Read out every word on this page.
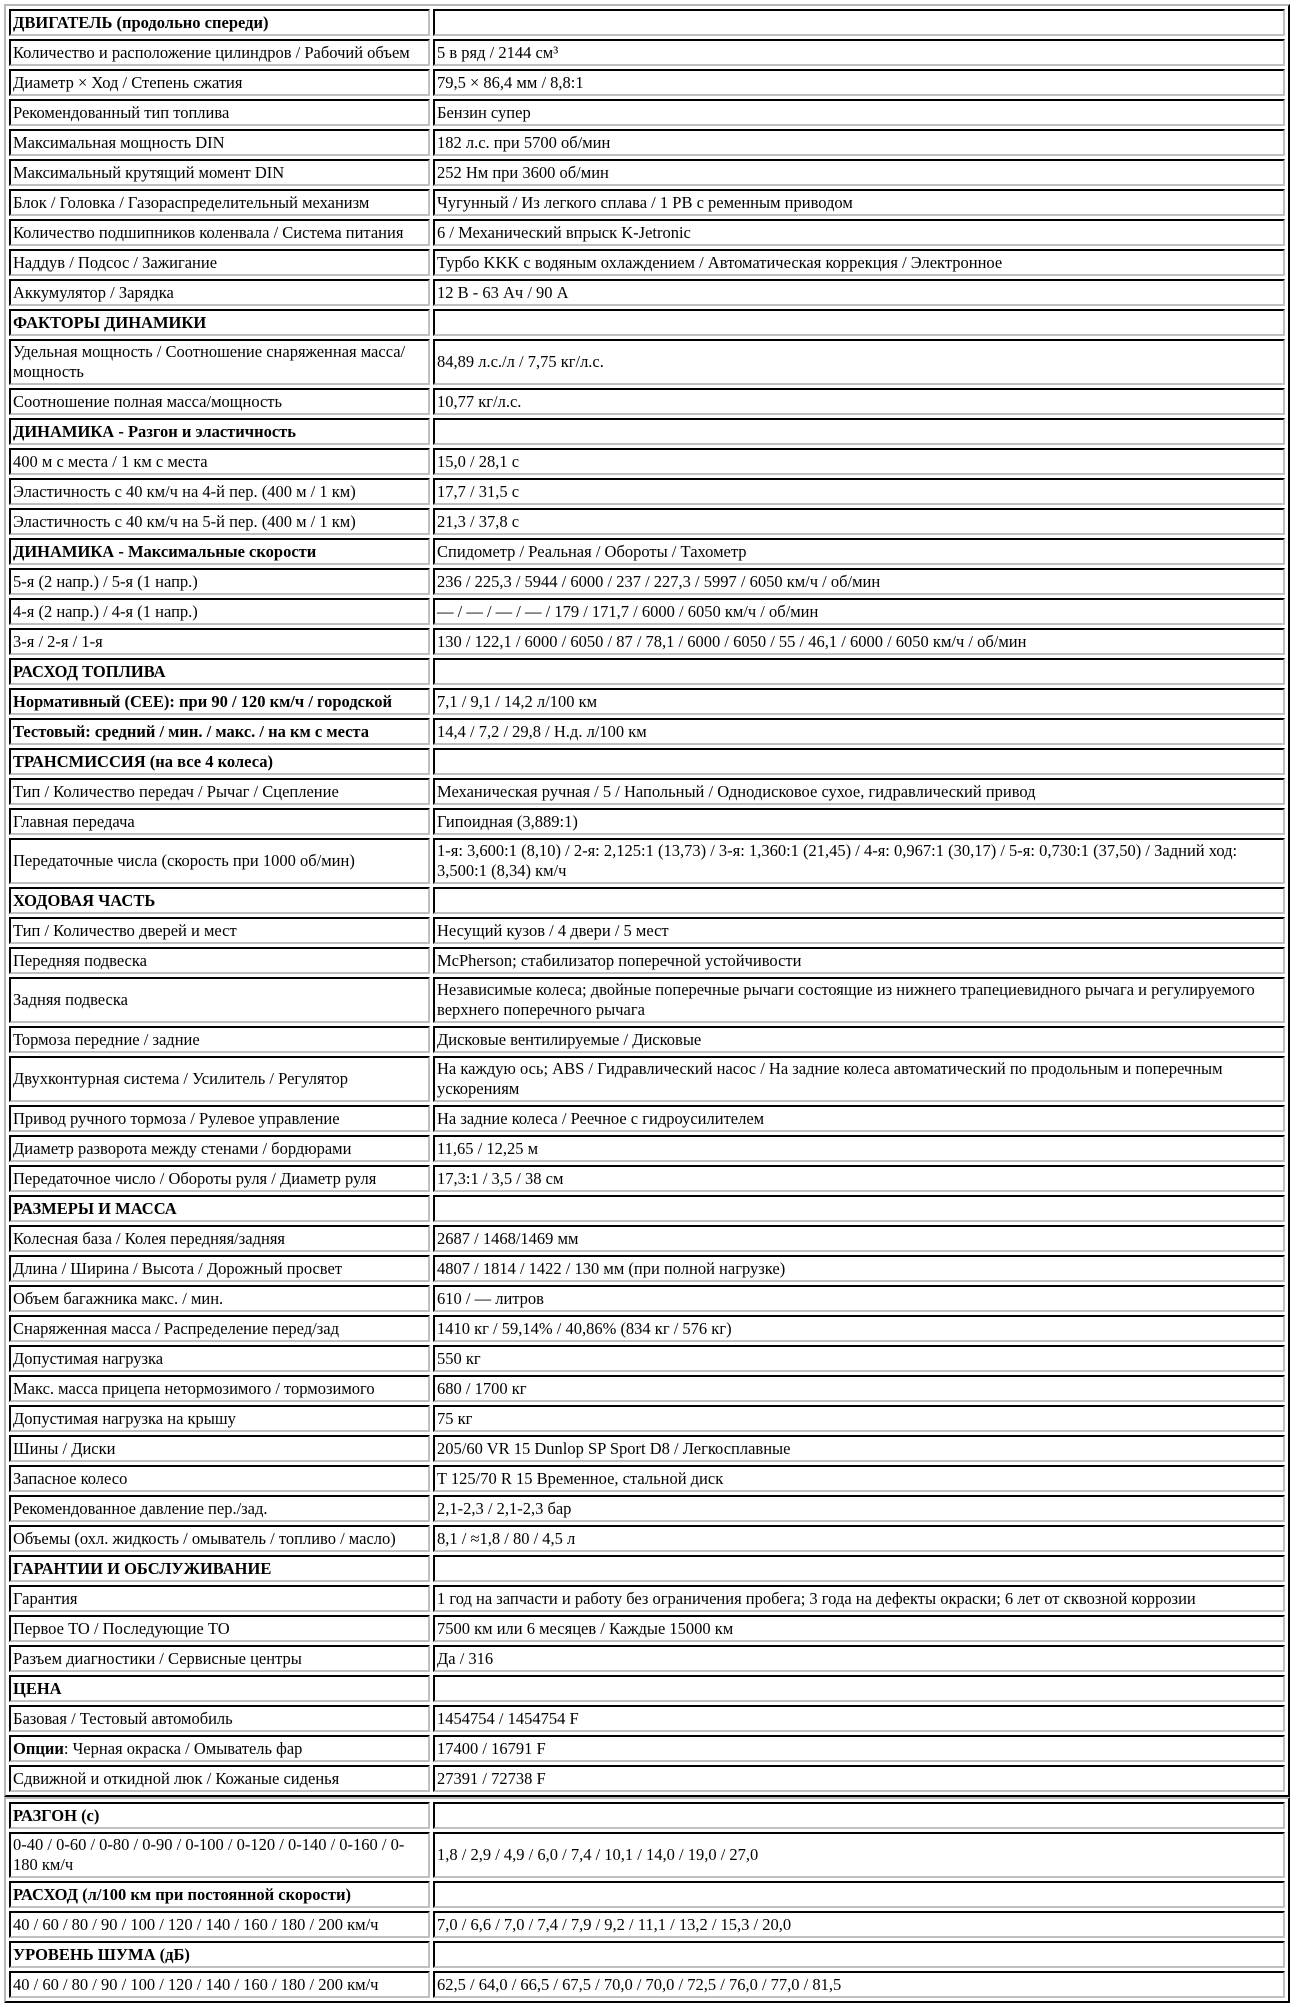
ДВИГАТЕЛЬ (продольно спереди)	
Количество и расположение цилиндров / Рабочий объем	5 в ряд / 2144 см³
Диаметр × Ход / Степень сжатия	79,5 × 86,4 мм / 8,8:1
Рекомендованный тип топлива	Бензин супер
Максимальная мощность DIN	182 л.с. при 5700 об/мин
Максимальный крутящий момент DIN	252 Нм при 3600 об/мин
Блок / Головка / Газораспределительный механизм	Чугунный / Из легкого сплава / 1 РВ с ременным приводом
Количество подшипников коленвала / Система питания	6 / Механический впрыск K-Jetronic
Наддув / Подсос / Зажигание	Турбо KKK с водяным охлаждением / Автоматическая коррекция / Электронное
Аккумулятор / Зарядка	12 В - 63 Ач / 90 А
ФАКТОРЫ ДИНАМИКИ	
Удельная мощность / Соотношение снаряженная масса/мощность	84,89 л.с./л / 7,75 кг/л.с.
Соотношение полная масса/мощность	10,77 кг/л.с.
ДИНАМИКА - Разгон и эластичность	
400 м с места / 1 км с места	15,0 / 28,1 с
Эластичность с 40 км/ч на 4-й пер. (400 м / 1 км)	17,7 / 31,5 с
Эластичность с 40 км/ч на 5-й пер. (400 м / 1 км)	21,3 / 37,8 с
ДИНАМИКА - Максимальные скорости	Спидометр / Реальная / Обороты / Тахометр
5-я (2 напр.) / 5-я (1 напр.)	236 / 225,3 / 5944 / 6000 / 237 / 227,3 / 5997 / 6050 км/ч / об/мин
4-я (2 напр.) / 4-я (1 напр.)	— / — / — / — / 179 / 171,7 / 6000 / 6050 км/ч / об/мин
3-я / 2-я / 1-я	130 / 122,1 / 6000 / 6050 / 87 / 78,1 / 6000 / 6050 / 55 / 46,1 / 6000 / 6050 км/ч / об/мин
РАСХОД ТОПЛИВА	
Нормативный (CEE): при 90 / 120 км/ч / городской	7,1 / 9,1 / 14,2 л/100 км
Тестовый: средний / мин. / макс. / на км с места	14,4 / 7,2 / 29,8 / Н.д. л/100 км
ТРАНСМИССИЯ (на все 4 колеса)	
Тип / Количество передач / Рычаг / Сцепление	Механическая ручная / 5 / Напольный / Однодисковое сухое, гидравлический привод
Главная передача	Гипоидная (3,889:1)
Передаточные числа (скорость при 1000 об/мин)	1-я: 3,600:1 (8,10) / 2-я: 2,125:1 (13,73) / 3-я: 1,360:1 (21,45) / 4-я: 0,967:1 (30,17) / 5-я: 0,730:1 (37,50) / Задний ход: 3,500:1 (8,34) км/ч
ХОДОВАЯ ЧАСТЬ	
Тип / Количество дверей и мест	Несущий кузов / 4 двери / 5 мест
Передняя подвеска	McPherson; стабилизатор поперечной устойчивости
Задняя подвеска	Независимые колеса; двойные поперечные рычаги состоящие из нижнего трапециевидного рычага и регулируемого верхнего поперечного рычага
Тормоза передние / задние	Дисковые вентилируемые / Дисковые
Двухконтурная система / Усилитель / Регулятор	На каждую ось; ABS / Гидравлический насос / На задние колеса автоматический по продольным и поперечным ускорениям
Привод ручного тормоза / Рулевое управление	На задние колеса / Реечное с гидроусилителем
Диаметр разворота между стенами / бордюрами	11,65 / 12,25 м
Передаточное число / Обороты руля / Диаметр руля	17,3:1 / 3,5 / 38 см
РАЗМЕРЫ И МАССА	
Колесная база / Колея передняя/задняя	2687 / 1468/1469 мм
Длина / Ширина / Высота / Дорожный просвет	4807 / 1814 / 1422 / 130 мм (при полной нагрузке)
Объем багажника макс. / мин.	610 / — литров
Снаряженная масса / Распределение перед/зад	1410 кг / 59,14% / 40,86% (834 кг / 576 кг)
Допустимая нагрузка	550 кг
Макс. масса прицепа нетормозимого / тормозимого	680 / 1700 кг
Допустимая нагрузка на крышу	75 кг
Шины / Диски	205/60 VR 15 Dunlop SP Sport D8 / Легкосплавные
Запасное колесо	T 125/70 R 15 Временное, стальной диск
Рекомендованное давление пер./зад.	2,1-2,3 / 2,1-2,3 бар
Объемы (охл. жидкость / омыватель / топливо / масло)	8,1 / ≈1,8 / 80 / 4,5 л
ГАРАНТИИ И ОБСЛУЖИВАНИЕ	
Гарантия	1 год на запчасти и работу без ограничения пробега; 3 года на дефекты окраски; 6 лет от сквозной коррозии
Первое ТО / Последующие ТО	7500 км или 6 месяцев / Каждые 15000 км
Разъем диагностики / Сервисные центры	Да / 316
ЦЕНА	
Базовая / Тестовый автомобиль	1454754 / 1454754 F
Опции: Черная окраска / Омыватель фар	17400 / 16791 F
Сдвижной и откидной люк / Кожаные сиденья	27391 / 72738 F
РАЗГОН (с)	
0-40 / 0-60 / 0-80 / 0-90 / 0-100 / 0-120 / 0-140 / 0-160 / 0-180 км/ч	1,8 / 2,9 / 4,9 / 6,0 / 7,4 / 10,1 / 14,0 / 19,0 / 27,0
РАСХОД (л/100 км при постоянной скорости)	
40 / 60 / 80 / 90 / 100 / 120 / 140 / 160 / 180 / 200 км/ч	7,0 / 6,6 / 7,0 / 7,4 / 7,9 / 9,2 / 11,1 / 13,2 / 15,3 / 20,0
УРОВЕНЬ ШУМА (дБ)	
40 / 60 / 80 / 90 / 100 / 120 / 140 / 160 / 180 / 200 км/ч	62,5 / 64,0 / 66,5 / 67,5 / 70,0 / 70,0 / 72,5 / 76,0 / 77,0 / 81,5
